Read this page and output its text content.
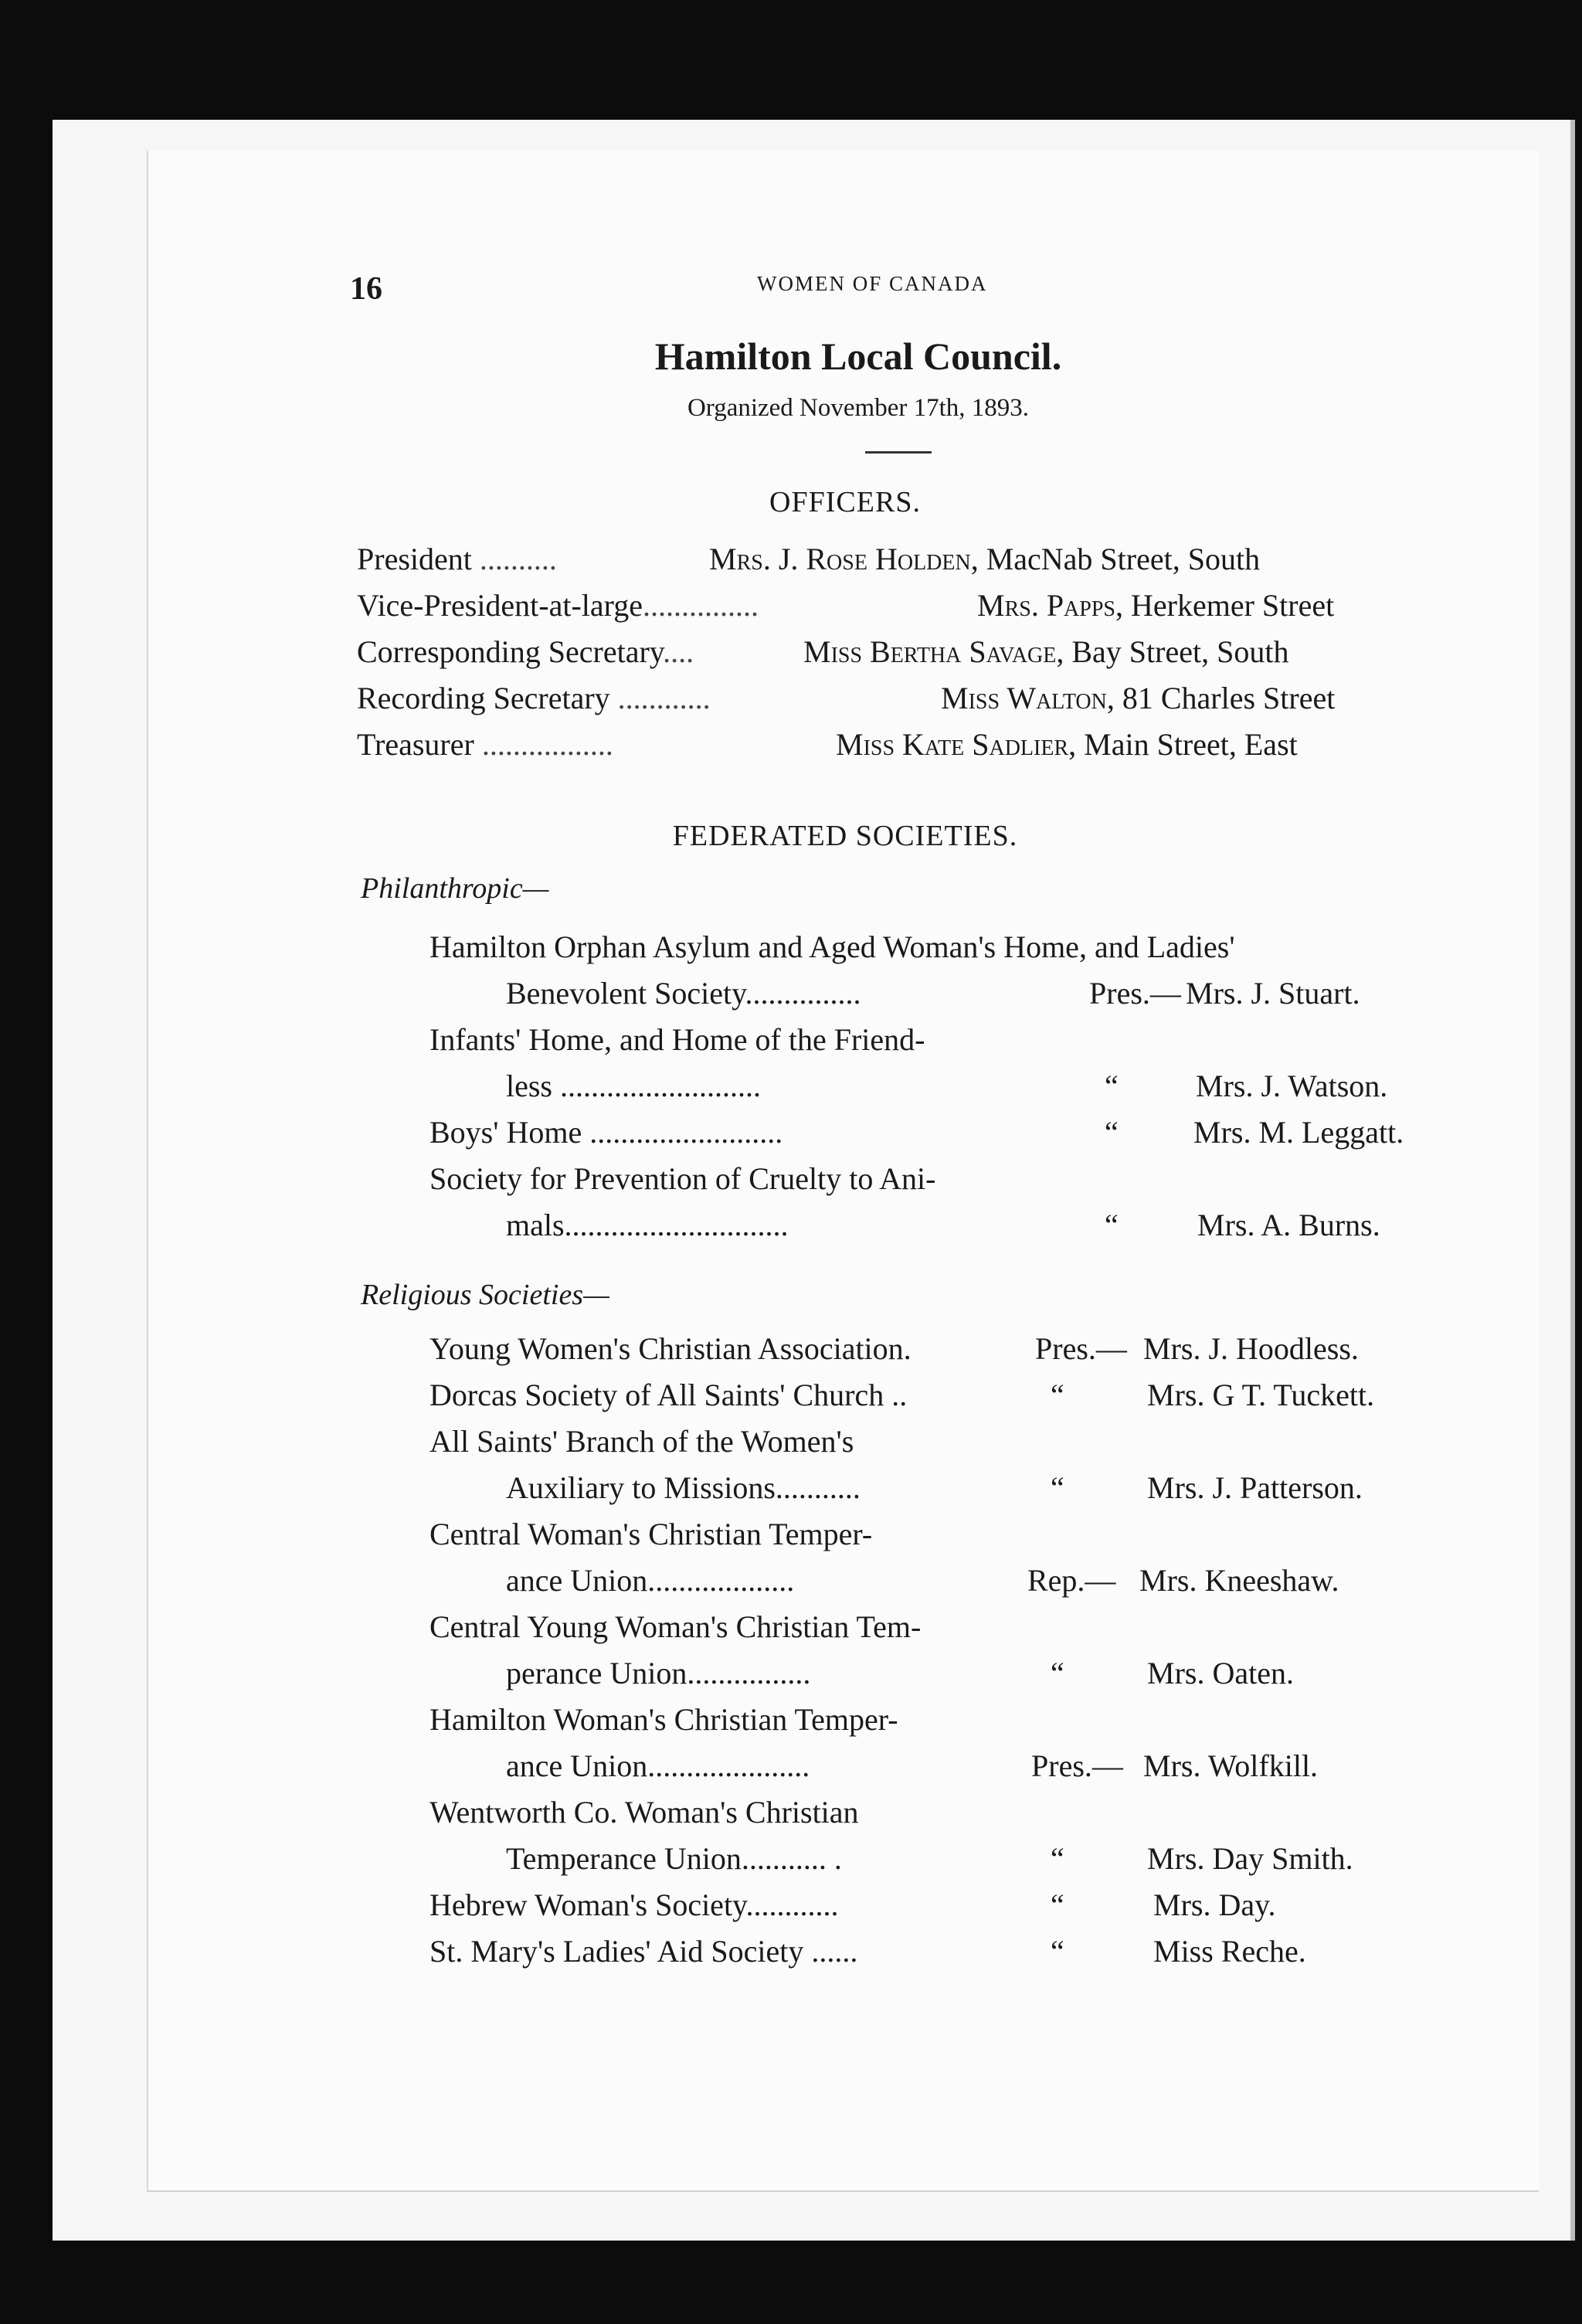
16	WOMEN OF CANADA
Hamilton Local Council.
Organized November 17th, 1893.
OFFICERS.
President ..........	Mrs. J. Rose Holden, MacNab Street, South
Vice-President-at-large...............	Mrs. Papps, Herkemer Street
Corresponding Secretary....	Miss Bertha Savage, Bay Street, South
Recording Secretary ............	Miss Walton, 81 Charles Street
Treasurer .................	Miss Kate Sadlier, Main Street, East
FEDERATED SOCIETIES.
Philanthropic—
Hamilton Orphan Asylum and Aged Woman's Home, and Ladies'
Benevolent Society...............	Pres.— Mrs. J. Stuart.
Infants' Home, and Home of the Friend-
less ..........................	“	Mrs. J. Watson.
Boys' Home .........................	“ Mrs. M. Leggatt.
Society for Prevention of Cruelty to Ani-
mals.............................	“	Mrs. A. Burns.
Religious Societies—
Young Women's Christian Association.	Pres.— Mrs. J. Hoodless.
Dorcas Society of All Saints' Church ..	“	Mrs. G T. Tuckett.
All Saints' Branch of the Women's
Auxiliary to Missions...........	“	Mrs. J. Patterson.
Central Woman's Christian Temper-
ance Union...................	Rep.— Mrs. Kneeshaw.
Central Young Woman's Christian Tem-
perance Union................	“	Mrs. Oaten.
Hamilton Woman's Christian Temper-
ance Union.....................	Pres.— Mrs. Wolfkill.
Wentworth Co. Woman's Christian
Temperance Union........... .	“	Mrs. Day Smith.
Hebrew Woman's Society............	“	Mrs. Day.
St. Mary's Ladies' Aid Society ......	“	Miss Reche.
